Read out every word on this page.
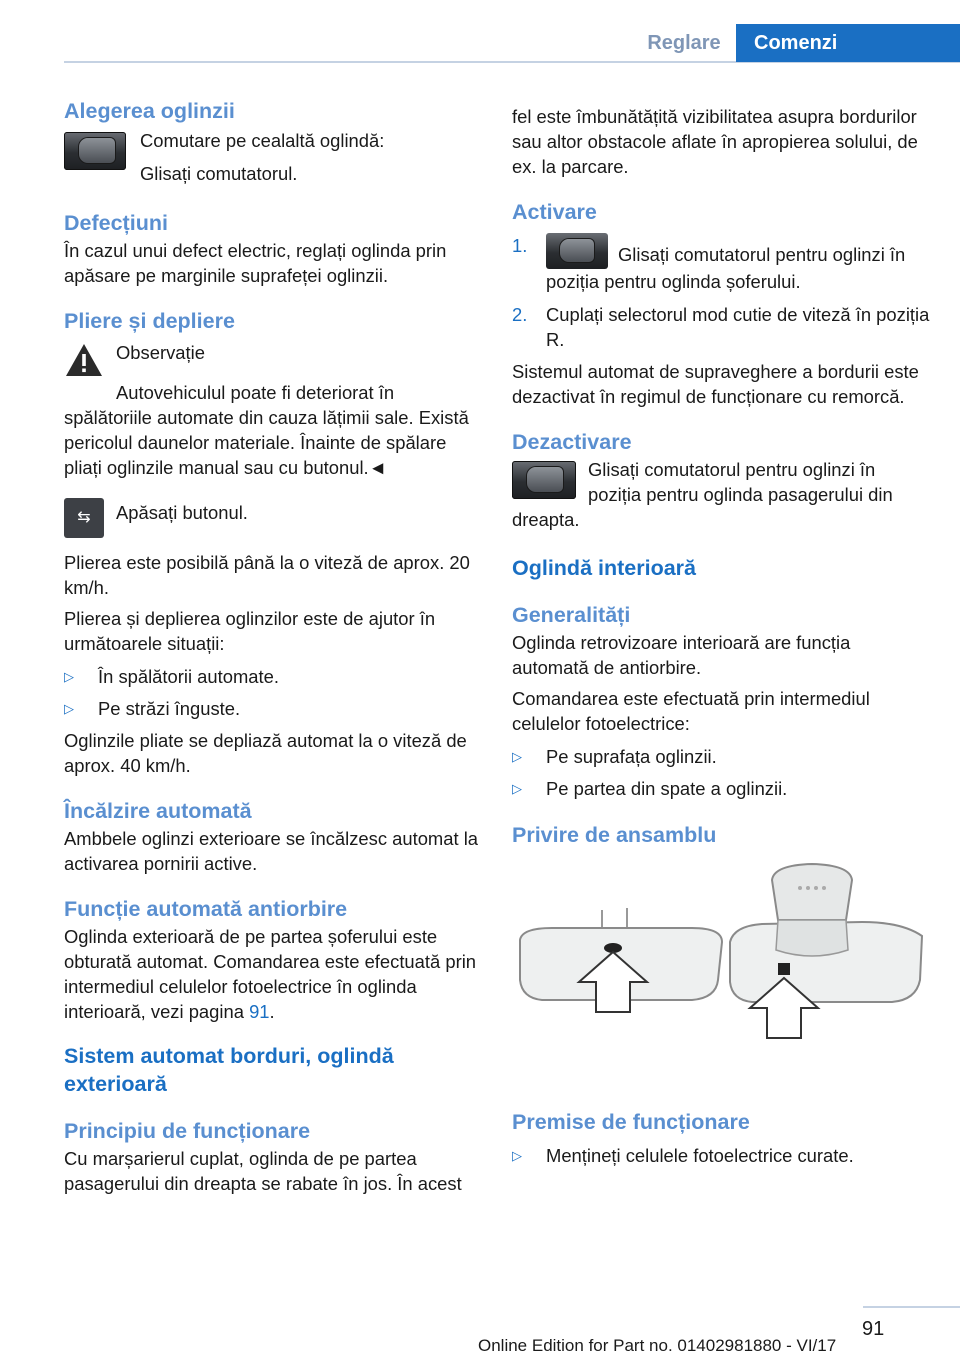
Reglare	Comenzi
Alegerea oglinzii

Comutare pe cealaltă oglindă:

Glisați comutatorul.

Defecțiuni

În cazul unui defect electric, reglați oglinda prin apăsare pe marginile suprafeței oglinzii.

Pliere și depliere

Observație

Autovehiculul poate fi deteriorat în spălătoriile automate din cauza lățimii sale. Există pericolul daunelor materiale. Înainte de spălare pliați oglinzile manual sau cu butonul.◄

⇆	Apăsați butonul.

Plierea este posibilă până la o viteză de aprox. 20 km/h.

Plierea și deplierea oglinzilor este de ajutor în următoarele situații:

▷ În spălătorii automate.
▷ Pe străzi înguste.

Oglinzile pliate se depliază automat la o viteză de aprox. 40 km/h.

Încălzire automată

Ambbele oglinzi exterioare se încălzesc automat la activarea pornirii active.

Funcție automată antiorbire

Oglinda exterioară de pe partea șoferului este obturată automat. Comandarea este efectuată prin intermediul celulelor fotoelectrice în oglinda interioară, vezi pagina 91.

Sistem automat borduri, oglindă exterioară
Principiu de funcționare

Cu marșarierul cuplat, oglinda de pe partea pasagerului din dreapta se rabate în jos. În acest

fel este îmbunătățită vizibilitatea asupra bordurilor sau altor obstacole aflate în apropierea solului, de ex. la parcare.

Activare
1.	Glisați comutatorul pentru oglinzi în poziția pentru oglinda șoferului.
2. Cuplați selectorul mod cutie de viteză în poziția R.

Sistemul automat de supraveghere a bordurii este dezactivat în regimul de funcționare cu remorcă.

Dezactivare

Glisați comutatorul pentru oglinzi în poziția pentru oglinda pasagerului din

dreapta.

Oglindă interioară
Generalități

Oglinda retrovizoare interioară are funcția automată de antiorbire.

Comandarea este efectuată prin intermediul celulelor fotoelectrice:

▷ Pe suprafața oglinzii.
▷ Pe partea din spate a oglinzii.
Privire de ansamblu
Premise de funcționare
▷ Mențineți celulele fotoelectrice curate.
91
Online Edition for Part no. 01402981880 - VI/17
